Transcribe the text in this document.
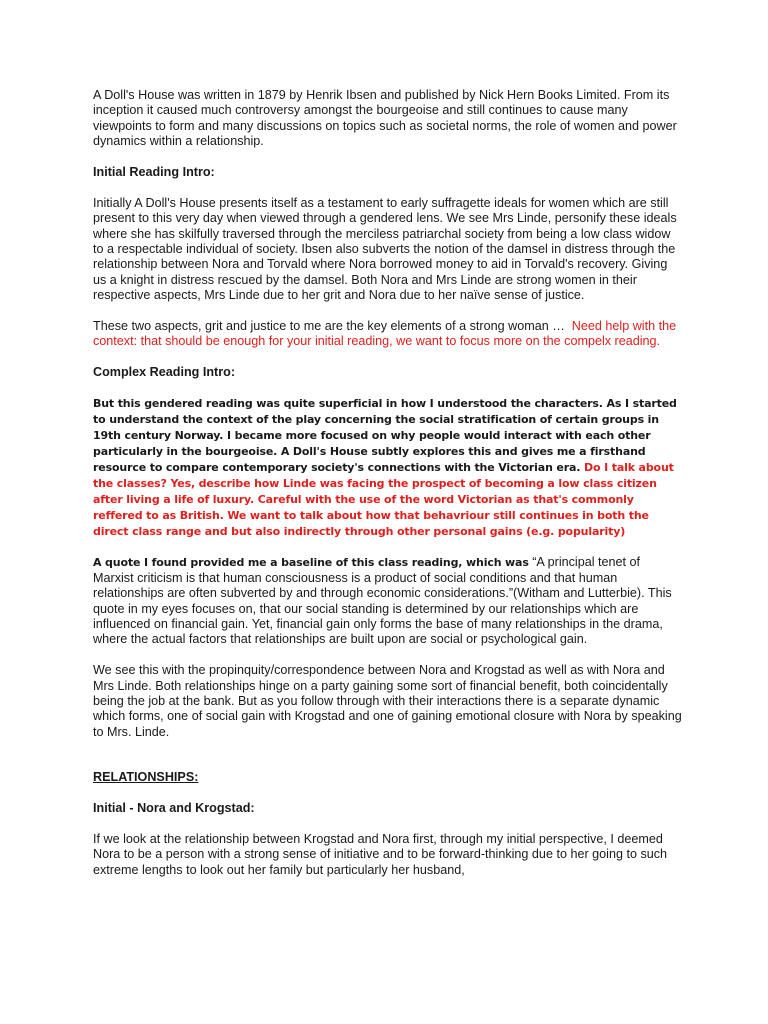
A Doll's House was written in 1879 by Henrik Ibsen and published by Nick Hern Books Limited. From its inception it caused much controversy amongst the bourgeoise and still continues to cause many viewpoints to form and many discussions on topics such as societal norms, the role of women and power dynamics within a relationship.

Initial Reading Intro:

Initially A Doll's House presents itself as a testament to early suffragette ideals for women which are still present to this very day when viewed through a gendered lens. We see Mrs Linde, personify these ideals where she has skilfully traversed through the merciless patriarchal society from being a low class widow to a respectable individual of society. Ibsen also subverts the notion of the damsel in distress through the relationship between Nora and Torvald where Nora borrowed money to aid in Torvald's recovery. Giving us a knight in distress rescued by the damsel. Both Nora and Mrs Linde are strong women in their respective aspects, Mrs Linde due to her grit and Nora due to her naïve sense of justice.

These two aspects, grit and justice to me are the key elements of a strong woman … Need help with the context: that should be enough for your initial reading, we want to focus more on the compelx reading.

Complex Reading Intro:

But this gendered reading was quite superficial in how I understood the characters. As I started to understand the context of the play concerning the social stratification of certain groups in 19th century Norway. I became more focused on why people would interact with each other particularly in the bourgeoise. A Doll's House subtly explores this and gives me a firsthand resource to compare contemporary society's connections with the Victorian era. Do I talk about the classes? Yes, describe how Linde was facing the prospect of becoming a low class citizen after living a life of luxury. Careful with the use of the word Victorian as that's commonly reffered to as British. We want to talk about how that behavriour still continues in both the direct class range and but also indirectly through other personal gains (e.g. popularity)

A quote I found provided me a baseline of this class reading, which was “A principal tenet of Marxist criticism is that human consciousness is a product of social conditions and that human relationships are often subverted by and through economic considerations.”(Witham and Lutterbie). This quote in my eyes focuses on, that our social standing is determined by our relationships which are influenced on financial gain. Yet, financial gain only forms the base of many relationships in the drama, where the actual factors that relationships are built upon are social or psychological gain.

We see this with the propinquity/correspondence between Nora and Krogstad as well as with Nora and Mrs Linde. Both relationships hinge on a party gaining some sort of financial benefit, both coincidentally being the job at the bank. But as you follow through with their interactions there is a separate dynamic which forms, one of social gain with Krogstad and one of gaining emotional closure with Nora by speaking to Mrs. Linde.

RELATIONSHIPS:

Initial - Nora and Krogstad:

If we look at the relationship between Krogstad and Nora first, through my initial perspective, I deemed Nora to be a person with a strong sense of initiative and to be forward-thinking due to her going to such extreme lengths to look out her family but particularly her husband,
